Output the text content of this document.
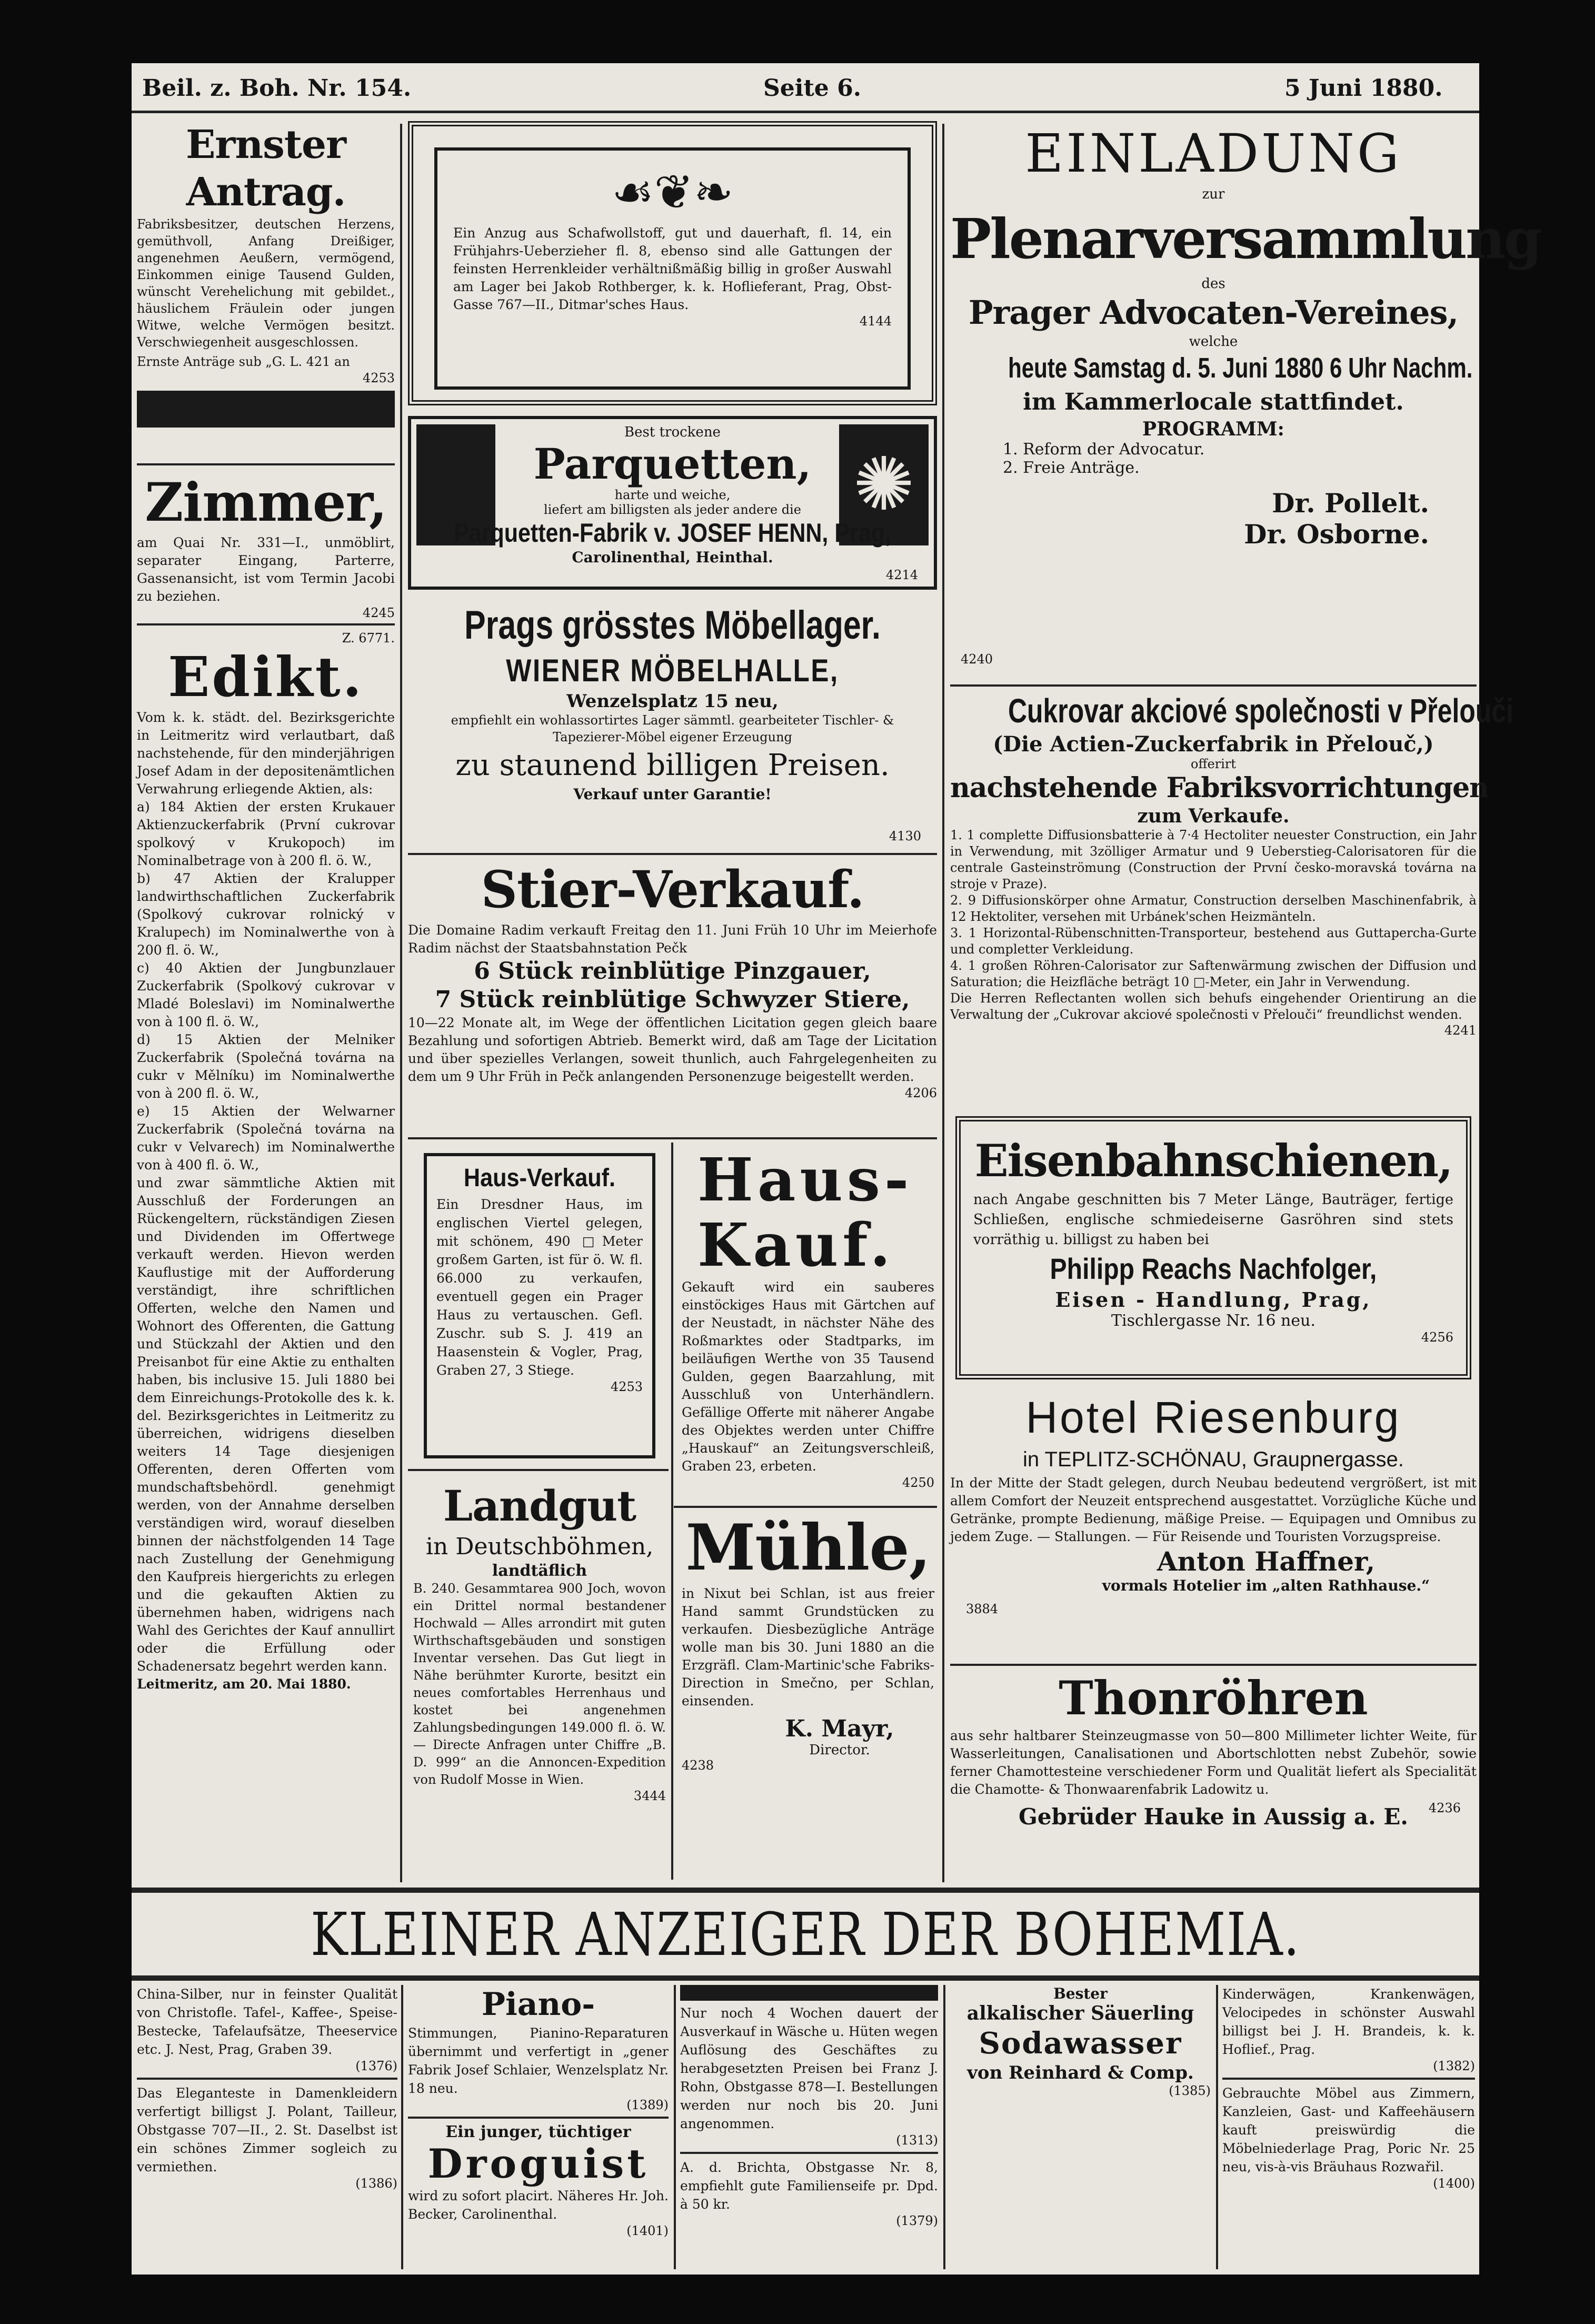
Beil. z. Boh. Nr. 154.	Seite 6.	5 Juni 1880.

Ernster Antrag.

Fabriksbesitzer, deutschen Herzens, gemüthvoll, Anfang Dreißiger, angenehmen Aeußern, vermögend, Einkommen einige Tausend Gulden, wünscht Verehelichung mit gebildet., häuslichem Fräulein oder jungen Witwe, welche Vermögen besitzt. Verschwiegenheit ausgeschlossen.

Ernste Anträge sub „G. L. 421 an

4253

Zimmer,

am Quai Nr. 331—I., unmöblirt, separater Eingang, Parterre, Gassenansicht, ist vom Termin Jacobi zu beziehen.

4245

Z. 6771.

Edikt.

Vom k. k. städt. del. Bezirksgerichte in Leitmeritz wird verlautbart, daß nachstehende, für den minderjährigen Josef Adam in der depositenämtlichen Verwahrung erliegende Aktien, als:

a) 184 Aktien der ersten Krukauer Aktienzuckerfabrik (První cukrovar spolkový v Krukopoch) im Nominalbetrage von à 200 fl. ö. W.,

b) 47 Aktien der Kralupper landwirthschaftlichen Zuckerfabrik (Spolkový cukrovar rolnický v Kralupech) im Nominalwerthe von à 200 fl. ö. W.,

c) 40 Aktien der Jungbunzlauer Zuckerfabrik (Spolkový cukrovar v Mladé Boleslavi) im Nominalwerthe von à 100 fl. ö. W.,

d) 15 Aktien der Melniker Zuckerfabrik (Společná továrna na cukr v Mělníku) im Nominalwerthe von à 200 fl. ö. W.,

e) 15 Aktien der Welwarner Zuckerfabrik (Společná továrna na cukr v Velvarech) im Nominalwerthe von à 400 fl. ö. W.,

und zwar sämmtliche Aktien mit Ausschluß der Forderungen an Rückengeltern, rückständigen Ziesen und Dividenden im Offertwege verkauft werden. Hievon werden Kauflustige mit der Aufforderung verständigt, ihre schriftlichen Offerten, welche den Namen und Wohnort des Offerenten, die Gattung und Stückzahl der Aktien und den Preisanbot für eine Aktie zu enthalten haben, bis inclusive 15. Juli 1880 bei dem Einreichungs-Protokolle des k. k. del. Bezirksgerichtes in Leitmeritz zu überreichen, widrigens dieselben weiters 14 Tage diesjenigen Offerenten, deren Offerten vom mundschaftsbehördl. genehmigt werden, von der Annahme derselben verständigen wird, worauf dieselben binnen der nächstfolgenden 14 Tage nach Zustellung der Genehmigung den Kaufpreis hiergerichts zu erlegen und die gekauften Aktien zu übernehmen haben, widrigens nach Wahl des Gerichtes der Kauf annullirt oder die Erfüllung oder Schadenersatz begehrt werden kann.

Leitmeritz, am 20. Mai 1880.

☙❦❧

Ein Anzug aus Schafwollstoff, gut und dauerhaft, fl. 14, ein Frühjahrs-Ueberzieher fl. 8, ebenso sind alle Gattungen der feinsten Herrenkleider verhältnißmäßig billig in großer Auswahl am Lager bei Jakob Rothberger, k. k. Hoflieferant, Prag, Obst-Gasse 767—II., Ditmar'sches Haus.

4144

✺

Best trockene

Parquetten,

harte und weiche,

liefert am billigsten als jeder andere die

Parquetten-Fabrik v. JOSEF HENN, Prag,

Carolinenthal, Heinthal.

4214

Prags grösstes Möbellager.

WIENER MÖBELHALLE,

Wenzelsplatz 15 neu,

empfiehlt ein wohlassortirtes Lager sämmtl. gearbeiteter Tischler- & Tapezierer-Möbel eigener Erzeugung

zu staunend billigen Preisen.

Verkauf unter Garantie!

4130

Stier-Verkauf.

Die Domaine Radim verkauft Freitag den 11. Juni Früh 10 Uhr im Meierhofe Radim nächst der Staatsbahnstation Pečk

6 Stück reinblütige Pinzgauer,

7 Stück reinblütige Schwyzer Stiere,

10—22 Monate alt, im Wege der öffentlichen Licitation gegen gleich baare Bezahlung und sofortigen Abtrieb. Bemerkt wird, daß am Tage der Licitation und über spezielles Verlangen, soweit thunlich, auch Fahrgelegenheiten zu dem um 9 Uhr Früh in Pečk anlangenden Personenzuge beigestellt werden.

4206

Haus-Verkauf.

Ein Dresdner Haus, im englischen Viertel gelegen, mit schönem, 490 □Meter großem Garten, ist für ö. W. fl. 66.000 zu verkaufen, eventuell gegen ein Prager Haus zu vertauschen. Gefl. Zuschr. sub S. J. 419 an Haasenstein & Vogler, Prag, Graben 27, 3 Stiege.

4253

Landgut

in Deutschböhmen,

landtäflich

B. 240. Gesammtarea 900 Joch, wovon ein Drittel normal bestandener Hochwald — Alles arrondirt mit guten Wirthschaftsgebäuden und sonstigen Inventar versehen. Das Gut liegt in Nähe berühmter Kurorte, besitzt ein neues comfortables Herrenhaus und kostet bei angenehmen Zahlungsbedingungen 149.000 fl. ö. W. — Directe Anfragen unter Chiffre „B. D. 999“ an die Annoncen-Expedition von Rudolf Mosse in Wien.

3444

Haus-Kauf.

Gekauft wird ein sauberes einstöckiges Haus mit Gärtchen auf der Neustadt, in nächster Nähe des Roßmarktes oder Stadtparks, im beiläufigen Werthe von 35 Tausend Gulden, gegen Baarzahlung, mit Ausschluß von Unterhändlern. Gefällige Offerte mit näherer Angabe des Objektes werden unter Chiffre „Hauskauf“ an Zeitungsverschleiß, Graben 23, erbeten.

4250

Mühle,

in Nixut bei Schlan, ist aus freier Hand sammt Grundstücken zu verkaufen. Diesbezügliche Anträge wolle man bis 30. Juni 1880 an die Erzgräfl. Clam-Martinic'sche Fabriks-Direction in Smečno, per Schlan, einsenden.

K. Mayr,

Director.

4238

EINLADUNG

zur

Plenarversammlung

des

Prager Advocaten-Vereines,

welche

heute Samstag d. 5. Juni 1880 6 Uhr Nachm.

im Kammerlocale stattfindet.

PROGRAMM:

1. Reform der Advocatur.

2. Freie Anträge.

Dr. Pollelt.

Dr. Osborne.

4240

Cukrovar akciové společnosti v Přelouči

(Die Actien-Zuckerfabrik in Přelouč,)

offerirt

nachstehende Fabriksvorrichtungen

zum Verkaufe.

1. 1 complette Diffusionsbatterie à 7·4 Hectoliter neuester Construction, ein Jahr in Verwendung, mit 3zölliger Armatur und 9 Ueberstieg-Calorisatoren für die centrale Gasteinströmung (Construction der První česko-moravská továrna na stroje v Praze).

2. 9 Diffusionskörper ohne Armatur, Construction derselben Maschinenfabrik, à 12 Hektoliter, versehen mit Urbánek'schen Heizmänteln.

3. 1 Horizontal-Rübenschnitten-Transporteur, bestehend aus Guttapercha-Gurte und completter Verkleidung.

4. 1 großen Röhren-Calorisator zur Saftenwärmung zwischen der Diffusion und Saturation; die Heizfläche beträgt 10 □-Meter, ein Jahr in Verwendung.

Die Herren Reflectanten wollen sich behufs eingehender Orientirung an die Verwaltung der „Cukrovar akciové společnosti v Přelouči“ freundlichst wenden.

4241

Eisenbahnschienen,

nach Angabe geschnitten bis 7 Meter Länge, Bauträger, fertige Schließen, englische schmiedeiserne Gasröhren sind stets vorräthig u. billigst zu haben bei

Philipp Reachs Nachfolger,

Eisen - Handlung, Prag,

Tischlergasse Nr. 16 neu.

4256

Hotel Riesenburg

in TEPLITZ-SCHÖNAU, Graupnergasse.

In der Mitte der Stadt gelegen, durch Neubau bedeutend vergrößert, ist mit allem Comfort der Neuzeit entsprechend ausgestattet. Vorzügliche Küche und Getränke, prompte Bedienung, mäßige Preise. — Equipagen und Omnibus zu jedem Zuge. — Stallungen. — Für Reisende und Touristen Vorzugspreise.

Anton Haffner,

vormals Hotelier im „alten Rathhause.“

3884

Thonröhren

aus sehr haltbarer Steinzeugmasse von 50—800 Millimeter lichter Weite, für Wasserleitungen, Canalisationen und Abortschlotten nebst Zubehör, sowie ferner Chamottesteine verschiedener Form und Qualität liefert als Specialität die Chamotte- & Thonwaarenfabrik Ladowitz u.

Gebrüder Hauke in Aussig a. E.	4236

KLEINER ANZEIGER DER BOHEMIA.

China-Silber, nur in feinster Qualität von Christofle. Tafel-, Kaffee-, Speise-Bestecke, Tafelaufsätze, Theeservice etc. J. Nest, Prag, Graben 39.

(1376)

Das Eleganteste in Damenkleidern verfertigt billigst J. Polant, Tailleur, Obstgasse 707—II., 2. St. Daselbst ist ein schönes Zimmer sogleich zu vermiethen.

(1386)

Piano-

Stimmungen, Pianino-Reparaturen übernimmt und verfertigt in „gener Fabrik Josef Schlaier, Wenzelsplatz Nr. 18 neu.

(1389)

Ein junger, tüchtiger

Droguist

wird zu sofort placirt. Näheres Hr. Joh. Becker, Carolinenthal.

(1401)

Nur noch 4 Wochen dauert der Ausverkauf in Wäsche u. Hüten wegen Auflösung des Geschäftes zu herabgesetzten Preisen bei Franz J. Rohn, Obstgasse 878—I. Bestellungen werden nur noch bis 20. Juni angenommen.

(1313)

A. d. Brichta, Obstgasse Nr. 8, empfiehlt gute Familienseife pr. Dpd. à 50 kr.

(1379)

Bester

alkalischer Säuerling

Sodawasser

von Reinhard & Comp.

(1385)

Kinderwägen, Krankenwägen, Velocipedes in schönster Auswahl billigst bei J. H. Brandeis, k. k. Hoflief., Prag.

(1382)

Gebrauchte Möbel aus Zimmern, Kanzleien, Gast- und Kaffeehäusern kauft preiswürdig die Möbelniederlage Prag, Poric Nr. 25 neu, vis-à-vis Bräuhaus Rozwařil.

(1400)
